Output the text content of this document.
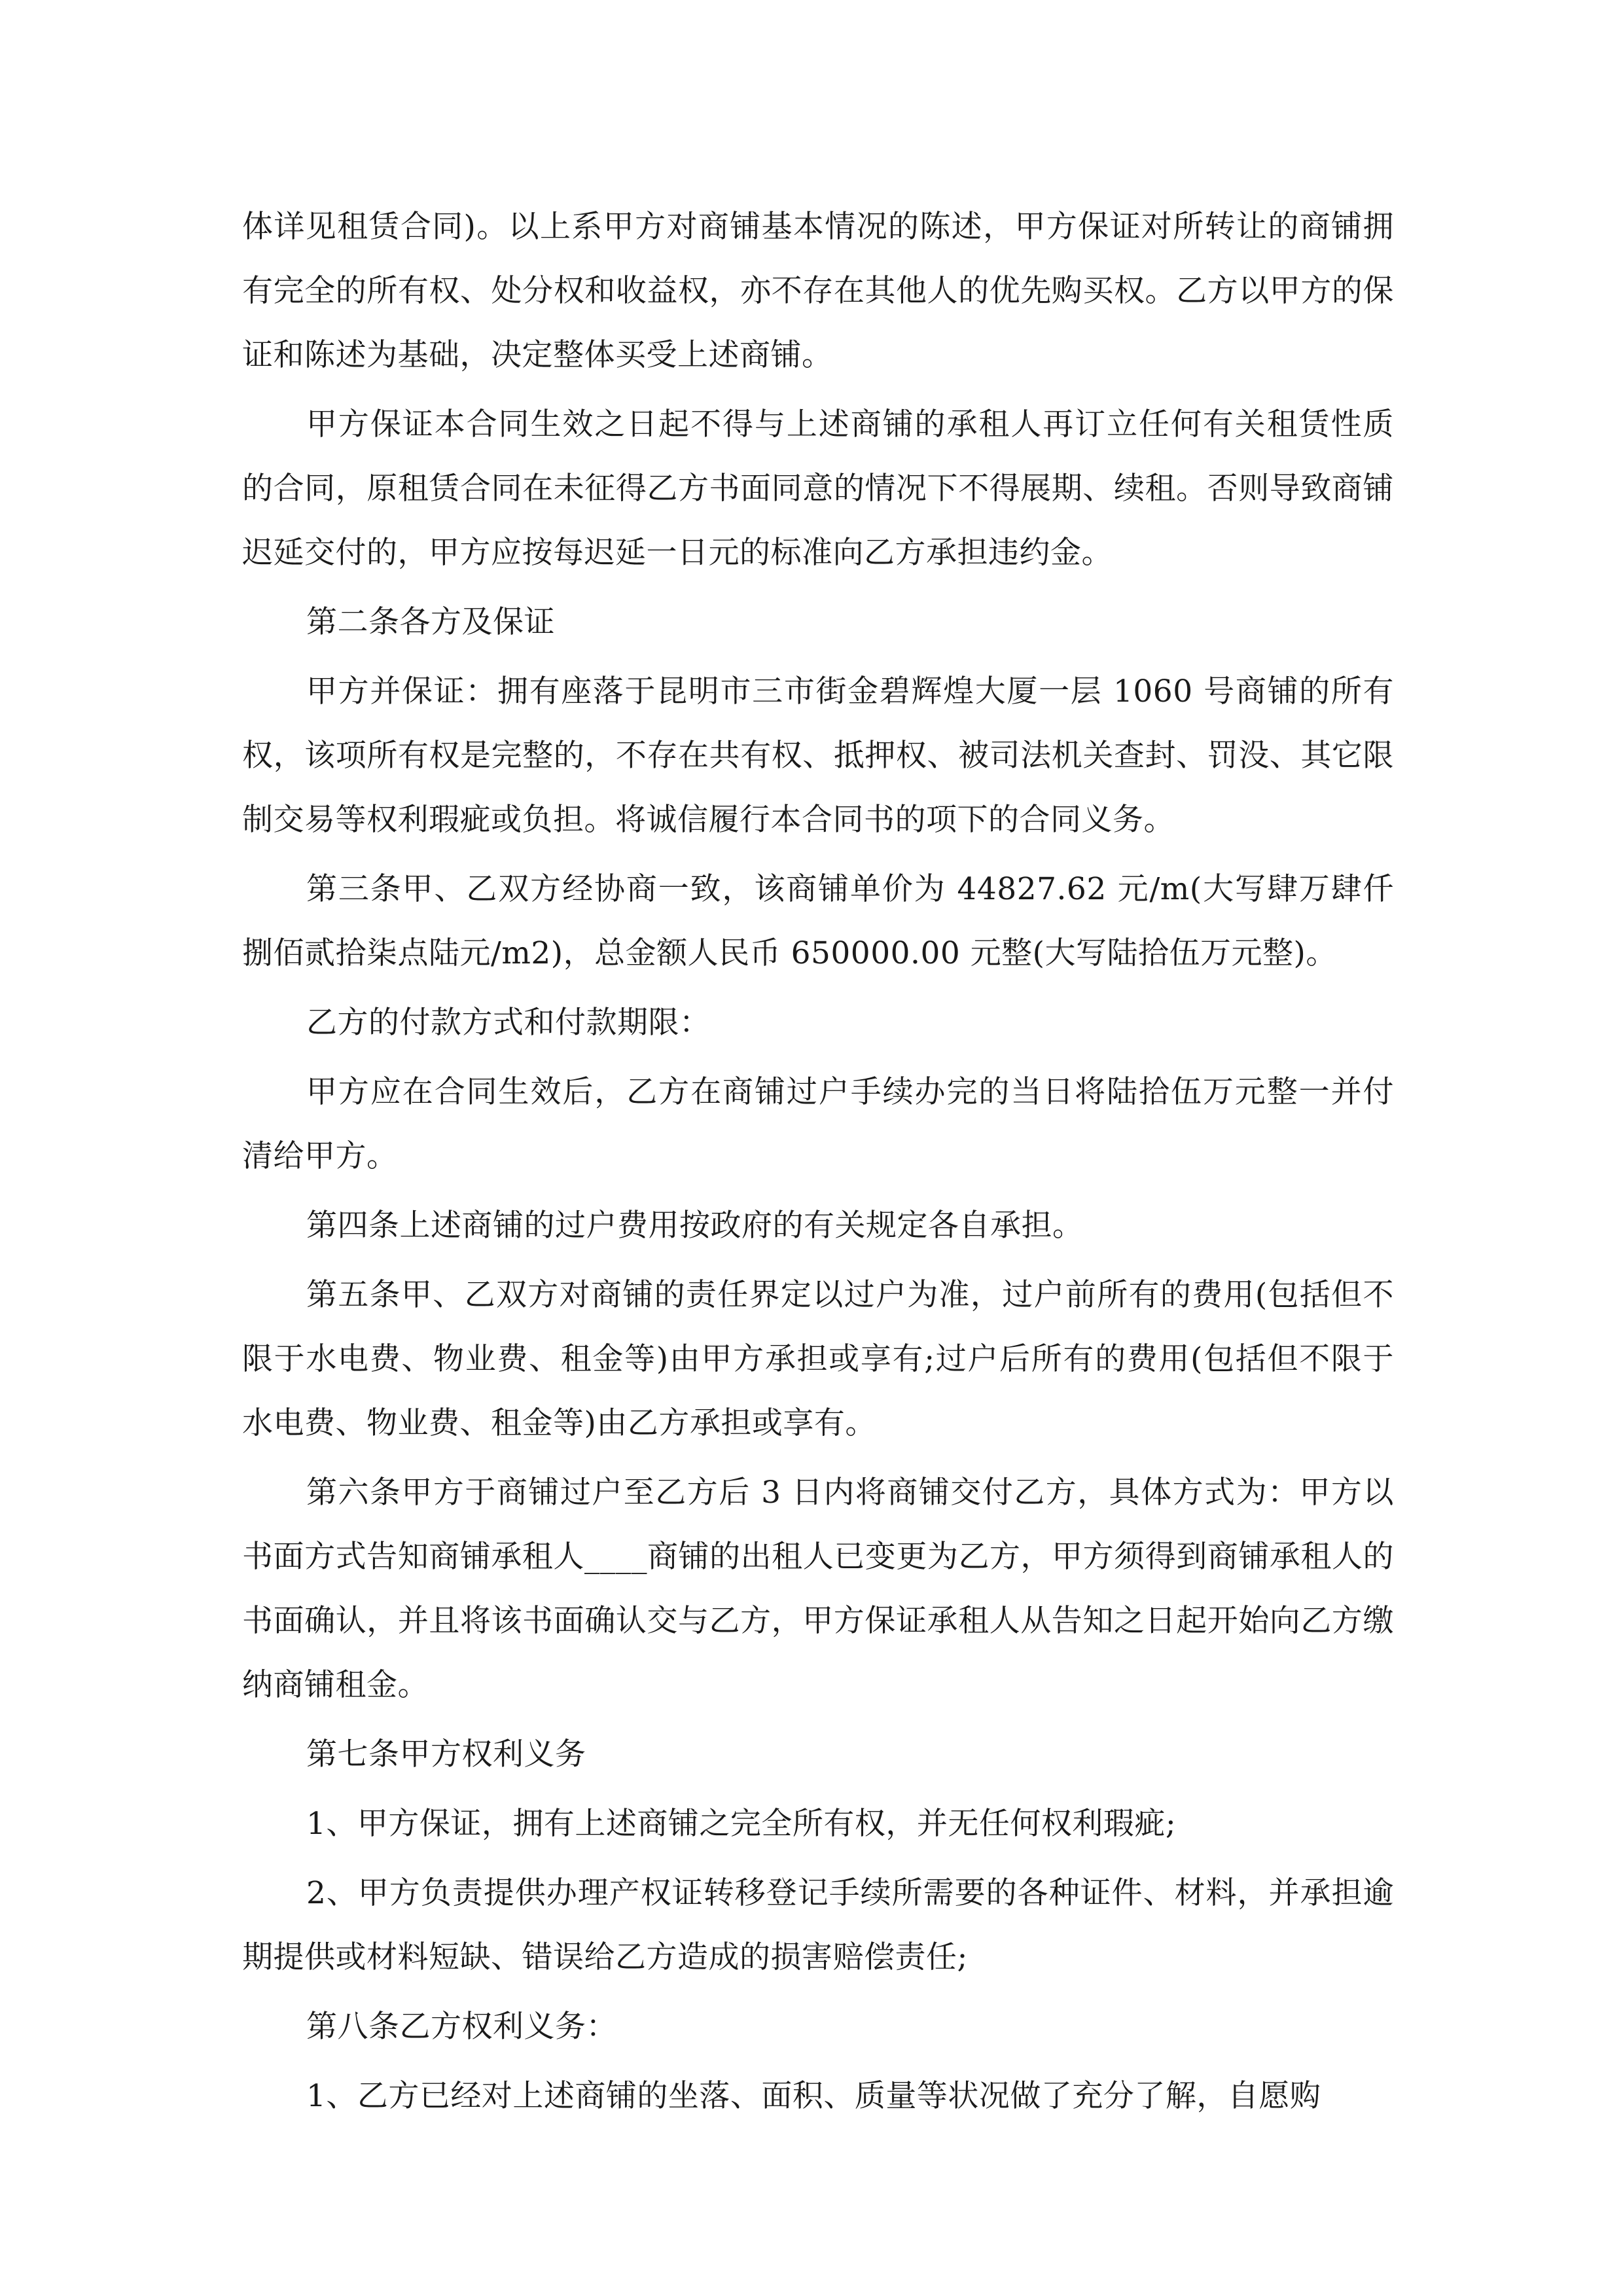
体详见租赁合同)。以上系甲方对商铺基本情况的陈述，甲方保证对所转让的商铺拥有完全的所有权、处分权和收益权，亦不存在其他人的优先购买权。乙方以甲方的保证和陈述为基础，决定整体买受上述商铺。

甲方保证本合同生效之日起不得与上述商铺的承租人再订立任何有关租赁性质的合同，原租赁合同在未征得乙方书面同意的情况下不得展期、续租。否则导致商铺迟延交付的，甲方应按每迟延一日元的标准向乙方承担违约金。

第二条各方及保证

甲方并保证：拥有座落于昆明市三市街金碧辉煌大厦一层 1060 号商铺的所有权，该项所有权是完整的，不存在共有权、抵押权、被司法机关查封、罚没、其它限制交易等权利瑕疵或负担。将诚信履行本合同书的项下的合同义务。

第三条甲、乙双方经协商一致，该商铺单价为 44827.62 元/m(大写肆万肆仟捌佰贰拾柒点陆元/m2)，总金额人民币 650000.00 元整(大写陆拾伍万元整)。

乙方的付款方式和付款期限：

甲方应在合同生效后，乙方在商铺过户手续办完的当日将陆拾伍万元整一并付清给甲方。

第四条上述商铺的过户费用按政府的有关规定各自承担。

第五条甲、乙双方对商铺的责任界定以过户为准，过户前所有的费用(包括但不限于水电费、物业费、租金等)由甲方承担或享有;过户后所有的费用(包括但不限于水电费、物业费、租金等)由乙方承担或享有。

第六条甲方于商铺过户至乙方后 3 日内将商铺交付乙方，具体方式为：甲方以书面方式告知商铺承租人____商铺的出租人已变更为乙方，甲方须得到商铺承租人的书面确认，并且将该书面确认交与乙方，甲方保证承租人从告知之日起开始向乙方缴纳商铺租金。

第七条甲方权利义务

1、甲方保证，拥有上述商铺之完全所有权，并无任何权利瑕疵;

2、甲方负责提供办理产权证转移登记手续所需要的各种证件、材料，并承担逾期提供或材料短缺、错误给乙方造成的损害赔偿责任;

第八条乙方权利义务：

1、乙方已经对上述商铺的坐落、面积、质量等状况做了充分了解，自愿购
